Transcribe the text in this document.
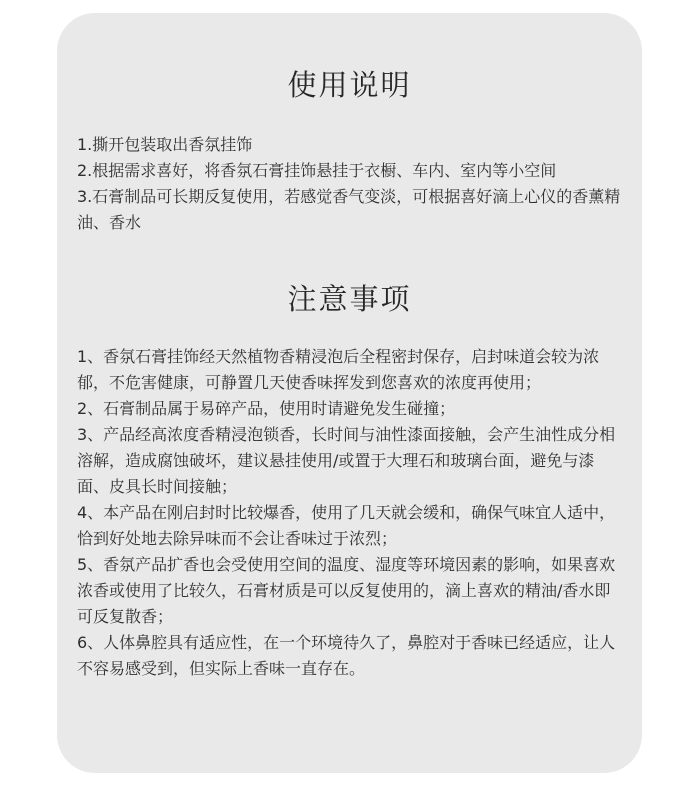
使用说明
1.撕开包装取出香氛挂饰
2.根据需求喜好，将香氛石膏挂饰悬挂于衣橱、车内、室内等小空间
3.石膏制品可长期反复使用，若感觉香气变淡，可根据喜好滴上心仪的香薰精油、香水
注意事项
1、香氛石膏挂饰经天然植物香精浸泡后全程密封保存，启封味道会较为浓郁，不危害健康，可静置几天使香味挥发到您喜欢的浓度再使用；
2、石膏制品属于易碎产品，使用时请避免发生碰撞；
3、产品经高浓度香精浸泡锁香，长时间与油性漆面接触，会产生油性成分相溶解，造成腐蚀破坏，建议悬挂使用/或置于大理石和玻璃台面，避免与漆面、皮具长时间接触；
4、本产品在刚启封时比较爆香，使用了几天就会缓和，确保气味宜人适中，恰到好处地去除异味而不会让香味过于浓烈；
5、香氛产品扩香也会受使用空间的温度、湿度等环境因素的影响，如果喜欢浓香或使用了比较久，石膏材质是可以反复使用的，滴上喜欢的精油/香水即可反复散香；
6、人体鼻腔具有适应性，在一个环境待久了，鼻腔对于香味已经适应，让人不容易感受到，但实际上香味一直存在。
